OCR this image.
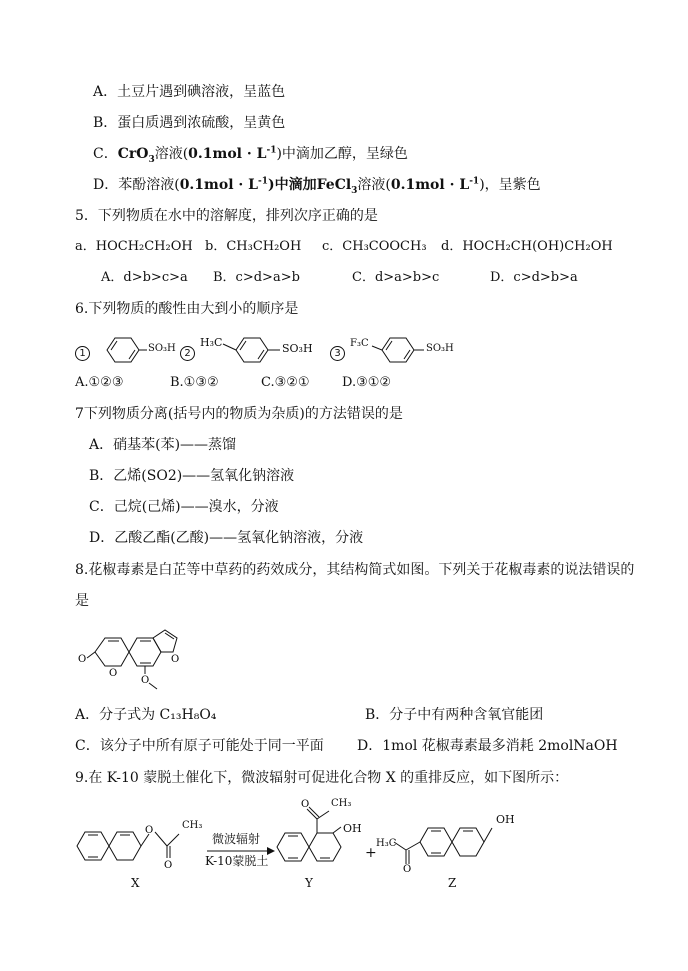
A．土豆片遇到碘溶液，呈蓝色
B．蛋白质遇到浓硫酸，呈黄色
C．CrO$_3$溶液$(0.1mol \cdot L^{-1})$中滴加乙醇，呈绿色
D．苯酚溶液$(0.1mol \cdot L^{-1})$中滴加FeCl$_3$溶液$(0.1mol \cdot L^{-1})$，呈紫色
5．下列物质在水中的溶解度，排列次序正确的是
a．HOCH₂CH₂OH b．CH₃CH₂OH c．CH₃COOCH₃ d．HOCH₂CH(OH)CH₂OH
A．d>b>c>a B．c>d>a>b	C．d>a>b>c	D．c>d>b>a
6.下列物质的酸性由大到小的顺序是
1	SO₃H 2
H₃C	SO₃H	3
F₃C	SO₃H
A.①②③	B.①③②	C.③②① D.③①②
7下列物质分离(括号内的物质为杂质)的方法错误的是
A．硝基苯(苯)——蒸馏
B．乙烯(SO2)——氢氧化钠溶液
C．己烷(己烯)——溴水，分液
D．乙酸乙酯(乙酸)——氢氧化钠溶液，分液
8.花椒毒素是白芷等中草药的药效成分，其结构简式如图。下列关于花椒毒素的说法错误的
是
O
O
O
O
A．分子式为 C₁₃H₈O₄	B．分子中有两种含氧官能团
C．该分子中所有原子可能处于同一平面 D．1mol 花椒毒素最多消耗 2molNaOH
9.在 K-10 蒙脱土催化下，微波辐射可促进化合物 X 的重排反应，如下图所示：
O
O
CH₃
微波辐射
K-10蒙脱土
O CH₃
OH
+
H₃C
O
OH
X	Y	Z
